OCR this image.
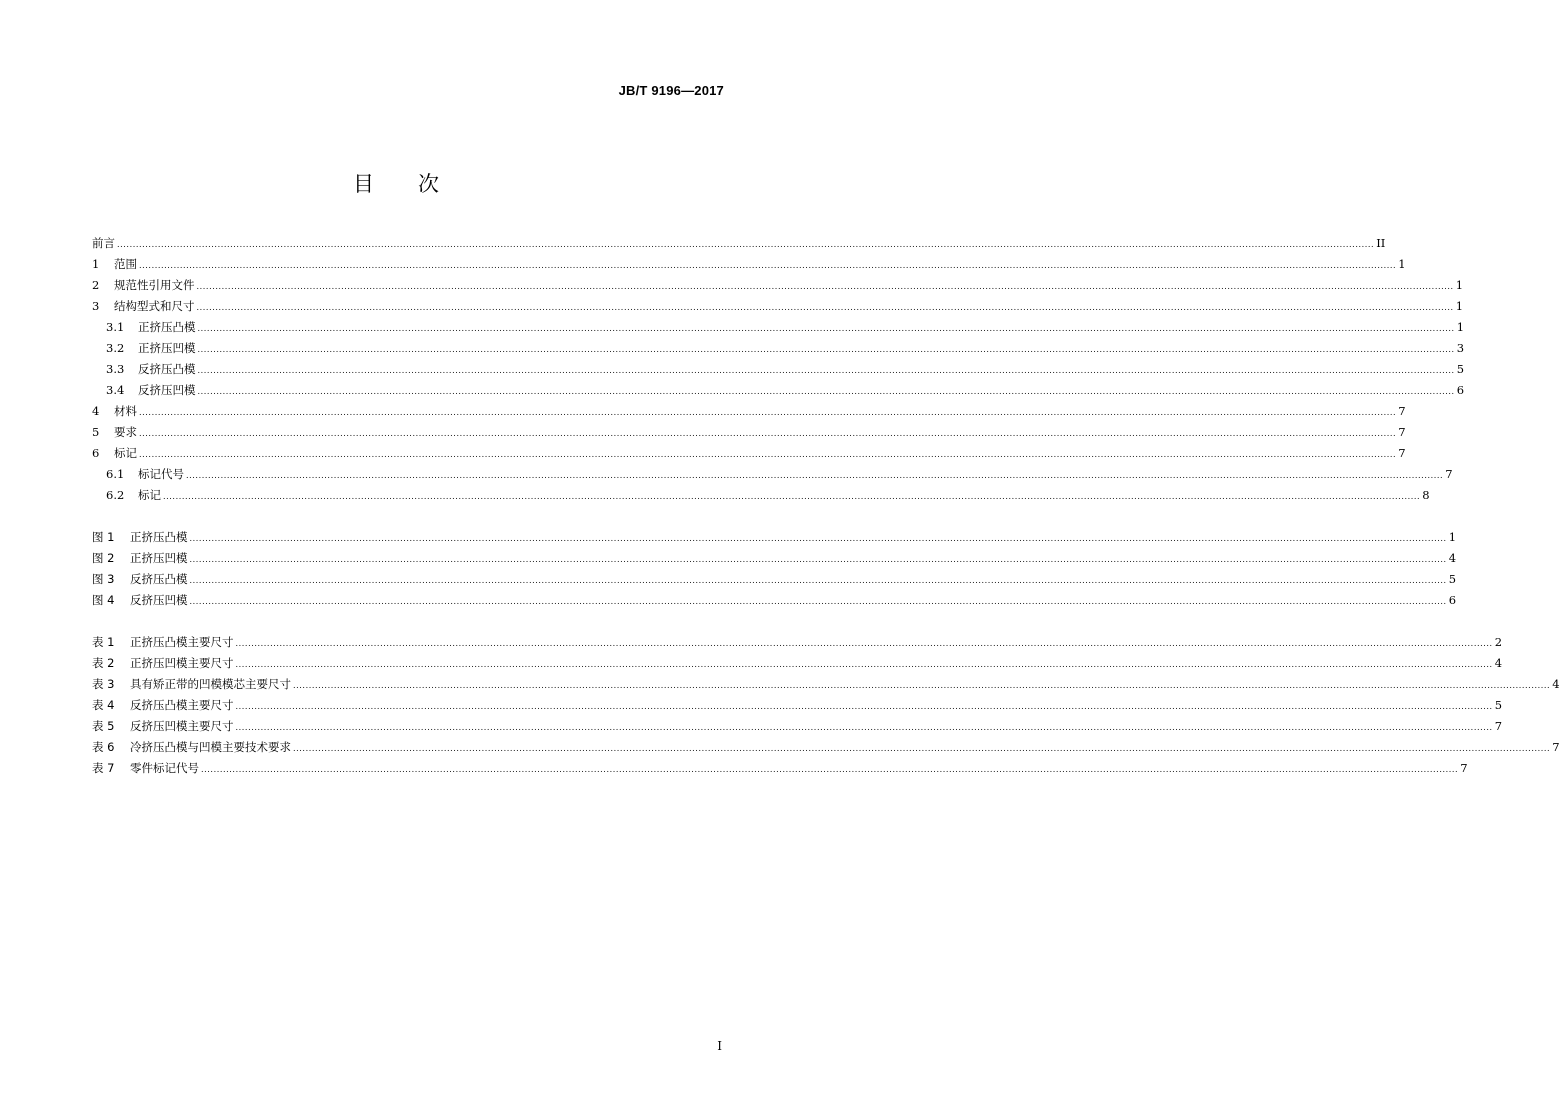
JB/T 9196—2017
目 次
前言 ................................................................................................................................................................................................................................................................................................................................................................................................................ II
1	范围 ................................................................................................................................................................................................................................................................................................................................................................................................................ 1
2	规范性引用文件 ................................................................................................................................................................................................................................................................................................................................................................................................................ 1
3	结构型式和尺寸 ................................................................................................................................................................................................................................................................................................................................................................................................................ 1
3.1	正挤压凸模 ................................................................................................................................................................................................................................................................................................................................................................................................................ 1
3.2	正挤压凹模 ................................................................................................................................................................................................................................................................................................................................................................................................................ 3
3.3	反挤压凸模 ................................................................................................................................................................................................................................................................................................................................................................................................................ 5
3.4	反挤压凹模 ................................................................................................................................................................................................................................................................................................................................................................................................................ 6
4	材料 ................................................................................................................................................................................................................................................................................................................................................................................................................ 7
5	要求 ................................................................................................................................................................................................................................................................................................................................................................................................................ 7
6	标记 ................................................................................................................................................................................................................................................................................................................................................................................................................ 7
6.1	标记代号 ................................................................................................................................................................................................................................................................................................................................................................................................................ 7
6.2	标记 ................................................................................................................................................................................................................................................................................................................................................................................................................ 8
图 1	正挤压凸模 ................................................................................................................................................................................................................................................................................................................................................................................................................ 1
图 2	正挤压凹模 ................................................................................................................................................................................................................................................................................................................................................................................................................ 4
图 3	反挤压凸模 ................................................................................................................................................................................................................................................................................................................................................................................................................ 5
图 4	反挤压凹模 ................................................................................................................................................................................................................................................................................................................................................................................................................ 6
表 1	正挤压凸模主要尺寸 ................................................................................................................................................................................................................................................................................................................................................................................................................ 2
表 2	正挤压凹模主要尺寸 ................................................................................................................................................................................................................................................................................................................................................................................................................ 4
表 3	具有矫正带的凹模模芯主要尺寸 ................................................................................................................................................................................................................................................................................................................................................................................................................ 4
表 4	反挤压凸模主要尺寸 ................................................................................................................................................................................................................................................................................................................................................................................................................ 5
表 5	反挤压凹模主要尺寸 ................................................................................................................................................................................................................................................................................................................................................................................................................ 7
表 6	冷挤压凸模与凹模主要技术要求 ................................................................................................................................................................................................................................................................................................................................................................................................................ 7
表 7	零件标记代号 ................................................................................................................................................................................................................................................................................................................................................................................................................ 7
I
